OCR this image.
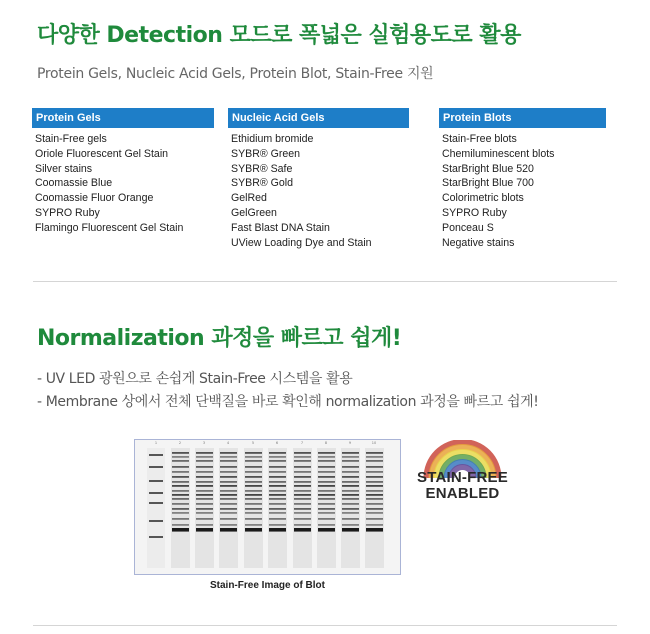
다양한 Detection 모드로 폭넓은 실험용도로 활용
Protein Gels, Nucleic Acid Gels, Protein Blot, Stain-Free 지원
Protein Gels
Stain-Free gels
Oriole Fluorescent Gel Stain
Silver stains
Coomassie Blue
Coomassie Fluor Orange
SYPRO Ruby
Flamingo Fluorescent Gel Stain
Nucleic Acid Gels
Ethidium bromide
SYBR® Green
SYBR® Safe
SYBR® Gold
GelRed
GelGreen
Fast Blast DNA Stain
UView Loading Dye and Stain
Protein Blots
Stain-Free blots
Chemiluminescent blots
StarBright Blue 520
StarBright Blue 700
Colorimetric blots
SYPRO Ruby
Ponceau S
Negative stains
Normalization 과정을 빠르고 쉽게!
- UV LED 광원으로 손쉽게 Stain-Free 시스템을 활용
- Membrane 상에서 전체 단백질을 바로 확인해 normalization 과정을 빠르고 쉽게!
1	2	3	4	5	6	7	8	9	10
Stain-Free Image of Blot
STAIN-FREE
ENABLED
